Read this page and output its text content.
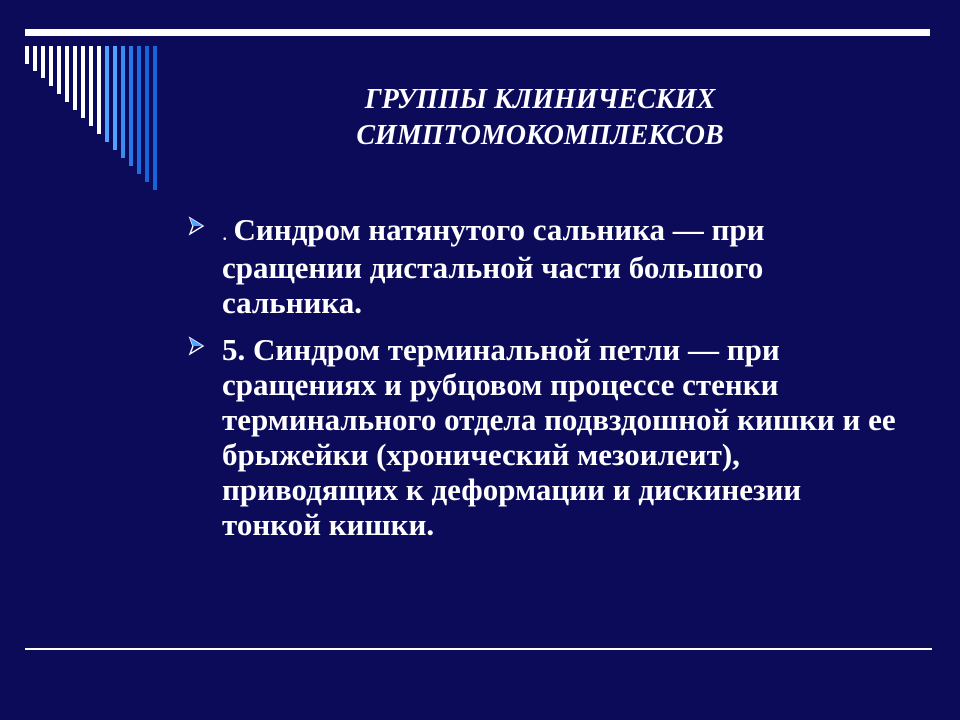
ГРУППЫ КЛИНИЧЕСКИХ
СИМПТОМОКОМПЛЕКСОВ
. Синдром натянутого сальника — при сращении дистальной части большого сальника.
5. Синдром терминальной петли — при сращениях и рубцовом процессе стенки терминального отдела подвздошной кишки и ее брыжейки (хронический мезоилеит), приводящих к деформации и дискинезии тонкой кишки.
